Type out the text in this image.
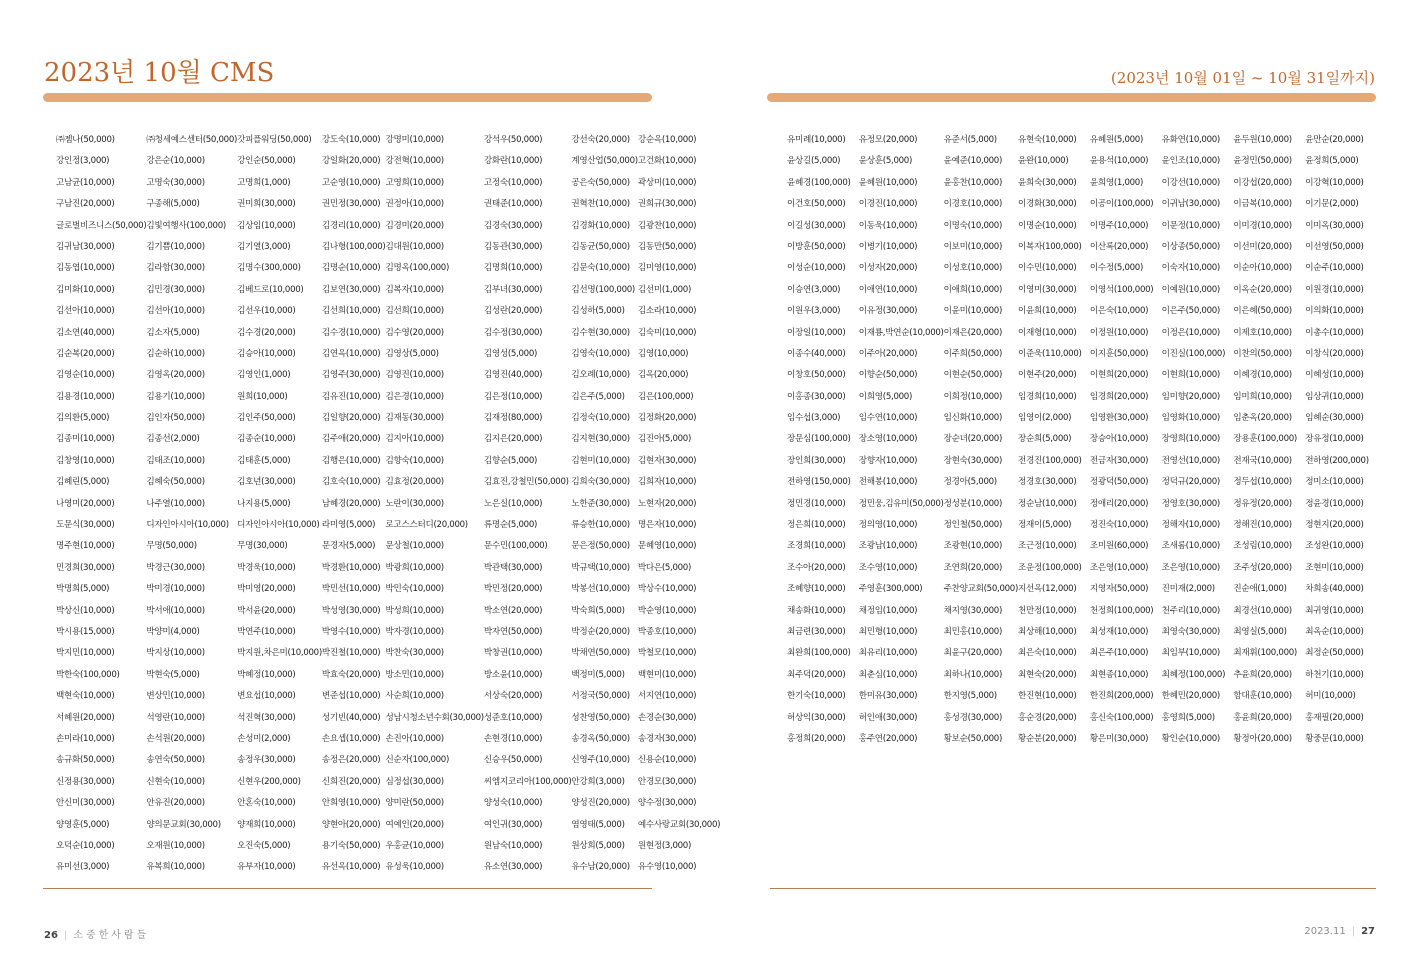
2023년 10월 CMS	(2023년 10월 01일 ~ 10월 31일까지)
㈜젬나(50,000)	㈜청세예스센터(50,000) 갓피플워딩(50,000)	강도숙(10,000) 강명미(10,000)	강석우(50,000)	강선숙(20,000) 강순옥(10,000)
강인정(3,000)	강은순(10,000)	강인순(50,000)	강일화(20,000) 강전혁(10,000)	강화란(10,000)	계영산업(50,000) 고건화(10,000)
고남균(10,000)	고명숙(30,000)	고명희(1,000)	고순영(10,000) 고영희(10,000)	고정숙(10,000)	공은숙(50,000) 곽상미(10,000)
구남진(20,000)	구종해(5,000)	권미희(30,000)	권민정(30,000) 권정아(10,000)	권태준(10,000)	권혁찬(10,000) 권희규(30,000)
글로벌비즈니스(50,000) 김빛여행사(100,000)	김상임(10,000)	김경리(10,000) 김경미(20,000)	김경숙(30,000)	김경화(10,000) 김광찬(10,000)
김귀남(30,000)	김기쁨(10,000)	김기열(3,000)	김나형(100,000) 김대원(10,000)	김동관(30,000)	김동균(50,000) 김동만(50,000)
김동엽(10,000)	김라함(30,000)	김명수(300,000)	김명순(10,000) 김명옥(100,000)	김명희(10,000)	김문숙(10,000) 김미영(10,000)
김미화(10,000)	김민경(30,000)	김베드로(10,000)	김보연(30,000) 김복자(10,000)	김부녀(30,000)	김선명(100,000) 김선미(1,000)
김선아(10,000)	김선아(10,000)	김선우(10,000)	김선희(10,000) 김선희(10,000)	김성란(20,000)	김성하(5,000)	김소라(10,000)
김소연(40,000)	김소자(5,000)	김수경(20,000)	김수경(10,000) 김수영(20,000)	김수정(30,000)	김수현(30,000) 김숙미(10,000)
김순복(20,000)	김순하(10,000)	김승아(10,000)	김연옥(10,000) 김영상(5,000)	김영성(5,000)	김영숙(10,000) 김영(10,000)
김영순(10,000)	김영옥(20,000)	김영인(1,000)	김영주(30,000) 김영진(10,000)	김영진(40,000)	김오례(10,000) 김옥(20,000)
김용경(10,000)	김용기(10,000)	원희(10,000)	김유진(10,000) 김은경(10,000)	김은정(10,000)	김은주(5,000)	김은(100,000)
김의환(5,000)	김인자(50,000)	김인주(50,000)	김일향(20,000) 김재동(30,000)	김재정(80,000)	김정숙(10,000) 김정화(20,000)
김종미(10,000)	김종선(2,000)	김종순(10,000)	김주애(20,000) 김지아(10,000)	김지은(20,000)	김지현(30,000) 김진아(5,000)
김창영(10,000)	김태조(10,000)	김태훈(5,000)	김행은(10,000) 김향숙(10,000)	김향순(5,000)	김현미(10,000) 김현자(30,000)
김혜린(5,000)	김혜숙(50,000)	김호년(30,000)	김호숙(10,000) 김효정(20,000)	김효진,강철민(50,000) 김희숙(30,000) 김희자(10,000)
나영미(20,000)	나주열(10,000)	나지용(5,000)	남혜경(20,000) 노란이(30,000)	노은실(10,000)	노한준(30,000) 노현자(20,000)
도문식(30,000)	디자인아시아(10,000) 디자인아시아(10,000) 라미영(5,000)	로고스스터디(20,000)	류명순(5,000)	류승한(10,000) 명은자(10,000)
명주현(10,000)	무명(50,000)	무명(30,000)	문경자(5,000)	문상철(10,000)	문수민(100,000)	문은정(50,000) 문혜영(10,000)
민경희(30,000)	박경근(30,000)	박경욱(10,000)	박경환(10,000) 박광희(10,000)	박관택(30,000)	박규택(10,000) 박다은(5,000)
박명희(5,000)	박미경(10,000)	박미영(20,000)	박민선(10,000) 박민숙(10,000)	박민정(20,000)	박봉선(10,000) 박상수(10,000)
박상신(10,000)	박서애(10,000)	박서윤(20,000)	박성영(30,000) 박성희(10,000)	박소연(20,000)	박숙희(5,000)	박순영(10,000)
박시용(15,000)	박양미(4,000)	박연주(10,000)	박영수(10,000) 박자경(10,000)	박자연(50,000)	박정순(20,000) 박종호(10,000)
박지민(10,000)	박지상(10,000)	박지원,차은미(10,000) 박진철(10,000) 박찬숙(30,000)	박창권(10,000)	박채연(50,000) 박철모(10,000)
박한숙(100,000)	박현숙(5,000)	박혜정(10,000)	박효숙(20,000) 방소민(10,000)	방소윤(10,000)	백정미(5,000)	백현미(10,000)
백현숙(10,000)	변상민(10,000)	변요섭(10,000)	변준섭(10,000) 사순희(10,000)	서상숙(20,000)	서정국(50,000) 서지연(10,000)
서혜원(20,000)	석영란(10,000)	석진혁(30,000)	성기빈(40,000) 성남시청소년수회(30,000) 성준호(10,000)	성찬영(50,000) 손경순(30,000)
손미라(10,000)	손석원(20,000)	손성미(2,000)	손요셉(10,000) 손진아(10,000)	손현경(10,000)	송경옥(50,000) 송경자(30,000)
송규화(50,000)	송연숙(50,000)	송정우(30,000)	송정은(20,000) 신순자(100,000)	신승우(50,000)	신영주(10,000) 신용순(10,000)
신정용(30,000)	신현숙(10,000)	신현우(200,000)	신희진(20,000) 심정섭(30,000)	씨엠지코리아(100,000) 안강희(3,000)	안경모(30,000)
안신미(30,000)	안유진(20,000)	안혼숙(10,000)	안희영(10,000) 양미란(50,000)	양성숙(10,000)	양성진(20,000) 양수정(30,000)
양영훈(5,000)	양의문교회(30,000)	양재희(10,000)	양현아(20,000) 여예인(20,000)	여인귀(30,000)	염영태(5,000)	예수사랑교회(30,000)
오덕순(10,000)	오재원(10,000)	오진숙(5,000)	용기숙(50,000) 우홍균(10,000)	원남숙(10,000)	원상희(5,000)	원현정(3,000)
유미선(3,000)	유복희(10,000)	유부자(10,000)	유선옥(10,000) 유성욱(10,000)	유소연(30,000)	유수남(20,000) 유수영(10,000)
유미례(10,000)	유정모(20,000)	유준서(5,000)	유현숙(10,000)	유혜원(5,000)	유화연(10,000)	윤두원(10,000)	윤만순(20,000)
윤상길(5,000)	윤상훈(5,000)	윤예준(10,000)	윤완(10,000)	윤용석(10,000)	윤인조(10,000)	윤정민(50,000)	윤정희(5,000)
윤혜경(100,000) 윤혜원(10,000)	윤홍찬(10,000)	윤희숙(30,000)	윤희영(1,000)	이강선(10,000)	이강섭(20,000)	이강혁(10,000)
이건호(50,000)	이경진(10,000)	이경호(10,000)	이경화(30,000)	이공이(100,000) 이귀남(30,000)	이금복(10,000)	이기문(2,000)
이길성(30,000)	이동욱(10,000)	이명숙(10,000)	이명순(10,000)	이명주(10,000)	이문정(10,000)	이미경(10,000)	이미옥(30,000)
이방훈(50,000)	이병기(10,000)	이보미(10,000)	이복자(100,000) 이산록(20,000)	이상종(50,000)	이선미(20,000)	이선영(50,000)
이성순(10,000)	이성자(20,000)	이성호(10,000)	이수민(10,000)	이수정(5,000)	이숙자(10,000)	이순아(10,000)	이순주(10,000)
이승연(3,000)	이애연(10,000)	이애희(10,000)	이영미(30,000)	이영석(100,000) 이예원(10,000)	이옥순(20,000)	이원경(10,000)
이원우(3,000)	이유정(30,000)	이윤미(10,000)	이윤희(10,000)	이은숙(10,000)	이은주(50,000)	이은혜(50,000)	이의화(10,000)
이장일(10,000)	이재룡,박연순(10,000) 이재은(20,000)	이재형(10,000)	이정원(10,000)	이정은(10,000)	이제호(10,000)	이총수(10,000)
이종수(40,000)	이주아(20,000)	이주희(50,000)	이준욱(110,000) 이지훈(50,000)	이진실(100,000) 이찬의(50,000)	이창식(20,000)
이창호(50,000)	이향순(50,000)	이현순(50,000)	이현주(20,000)	이현희(20,000)	이현희(10,000)	이혜경(10,000)	이혜성(10,000)
이홍종(30,000)	이희영(5,000)	이희정(10,000)	임경희(10,000)	임경희(20,000)	임미향(20,000)	임미희(10,000)	임상귀(10,000)
임수섭(3,000)	임수연(10,000)	임신화(10,000)	임영이(2,000)	임영환(30,000)	임영화(10,000)	임춘옥(20,000)	임혜순(30,000)
장문심(100,000) 장소영(10,000)	장순녀(20,000)	장순희(5,000)	장승아(10,000)	장영희(10,000)	장용훈(100,000) 장유정(10,000)
장인희(30,000)	장향자(10,000)	장현숙(30,000)	전경진(100,000) 전금자(30,000)	전영선(10,000)	전재국(10,000)	전하영(200,000)
전하영(150,000) 전해봉(10,000)	정경아(5,000)	정경호(30,000)	정광덕(50,000)	정덕규(20,000)	정두섭(10,000)	정미소(10,000)
정민경(10,000)	정민웅,김유미(50,000) 정성분(10,000)	정순남(10,000)	정애리(20,000)	정영호(30,000)	정유정(20,000)	정윤경(10,000)
정은희(10,000)	정의영(10,000)	정인철(50,000)	정재이(5,000)	정진숙(10,000)	정해자(10,000)	정해진(10,000)	정현지(20,000)
조경희(10,000)	조광남(10,000)	조광현(10,000)	조근정(10,000)	조미원(60,000)	조새롬(10,000)	조성림(10,000)	조성완(10,000)
조수아(20,000)	조수영(10,000)	조연희(20,000)	조운정(100,000) 조은영(10,000)	조은영(10,000)	조주성(20,000)	조현미(10,000)
조혜향(10,000)	주영훈(300,000)	주찬양교회(50,000) 지선옥(12,000)	지영자(50,000)	진미재(2,000)	진순애(1,000)	차희송(40,000)
채송화(10,000)	채정임(10,000)	채지영(30,000)	천만정(10,000)	천정희(100,000) 천주리(10,000)	최경선(10,000)	최귀영(10,000)
최금련(30,000)	최민형(10,000)	최민홍(10,000)	최상해(10,000)	최성재(10,000)	최영숙(30,000)	최영실(5,000)	최옥순(10,000)
최완희(100,000) 최유리(10,000)	최윤구(20,000)	최은숙(10,000)	최은주(10,000)	최임부(10,000)	최재휘(100,000) 최정순(50,000)
최주덕(20,000)	최춘심(10,000)	최하나(10,000)	최현숙(20,000)	최현종(10,000)	최혜정(100,000) 추윤희(20,000)	하천기(10,000)
한기숙(10,000)	한미유(30,000)	한지영(5,000)	한진현(10,000)	한진희(200,000) 한혜민(20,000)	함대훈(10,000)	허미(10,000)
허상익(30,000)	허인애(30,000)	홍성경(30,000)	홍순경(20,000)	홍신숙(100,000) 홍영희(5,000)	홍윤희(20,000)	홍재필(20,000)
홍정희(20,000)	홍주연(20,000)	황보순(50,000)	황순분(20,000)	황은미(30,000)	황인순(10,000)	황정아(20,000)	황중문(10,000)
26 | 소중한사람들	2023.11 | 27
